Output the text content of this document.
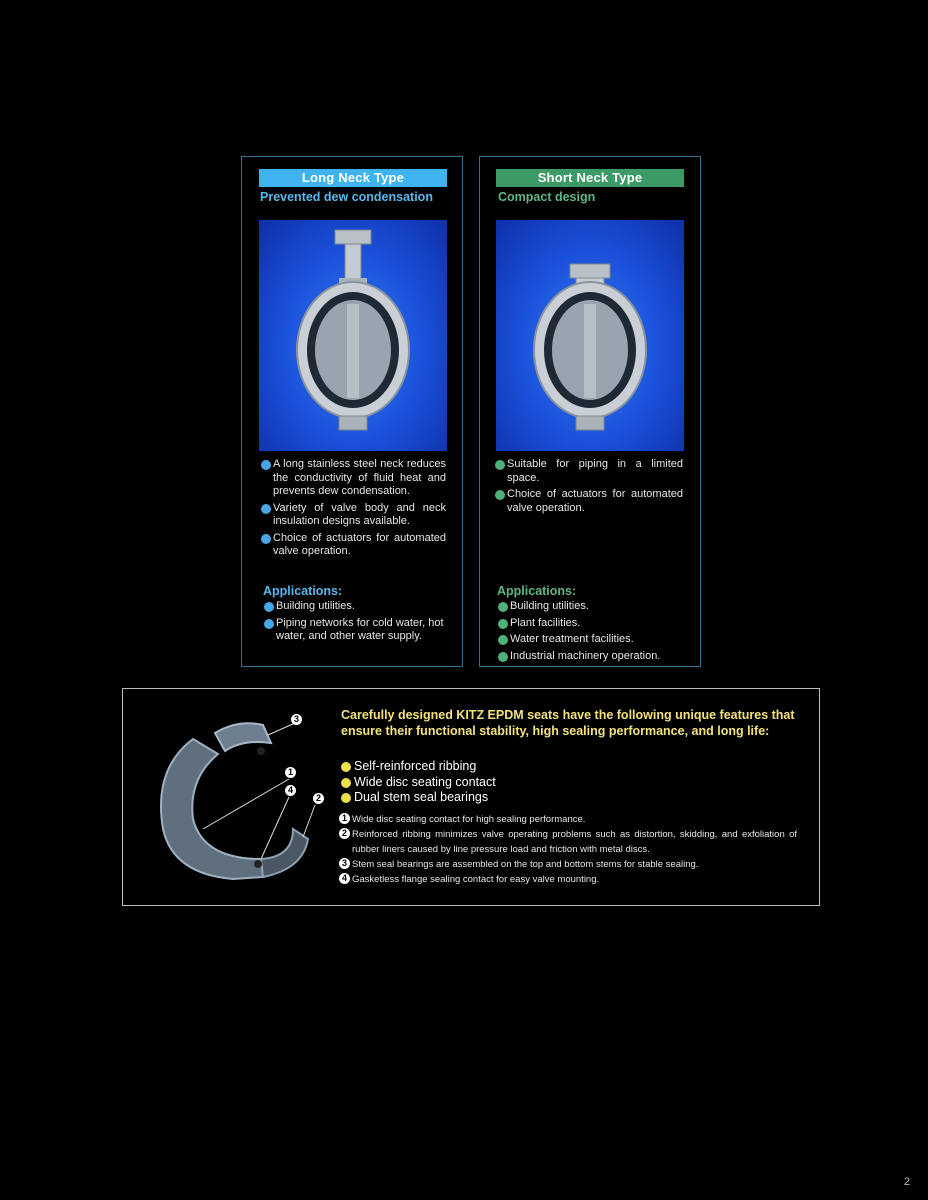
Long Neck Type
Prevented dew condensation
A long stainless steel neck reduces the conductivity of fluid heat and prevents dew condensation.
Variety of valve body and neck insulation designs available.
Choice of actuators for automated valve operation.
Applications:
Building utilities.
Piping networks for cold water, hot water, and other water supply.
Short Neck Type
Compact design
Suitable for piping in a limited space.
Choice of actuators for automated valve operation.
Applications:
Building utilities.
Plant facilities.
Water treatment facilities.
Industrial machinery operation.
3
1
4
2
Carefully designed KITZ EPDM seats have the following unique features that ensure their functional stability, high sealing performance, and long life:
Self-reinforced ribbing
Wide disc seating contact
Dual stem seal bearings
1 Wide disc seating contact for high sealing performance.
2 Reinforced ribbing minimizes valve operating problems such as distortion, skidding, and exfoliation of rubber liners caused by line pressure load and friction with metal discs.
3 Stem seal bearings are assembled on the top and bottom stems for stable sealing.
4 Gasketless flange sealing contact for easy valve mounting.
2
